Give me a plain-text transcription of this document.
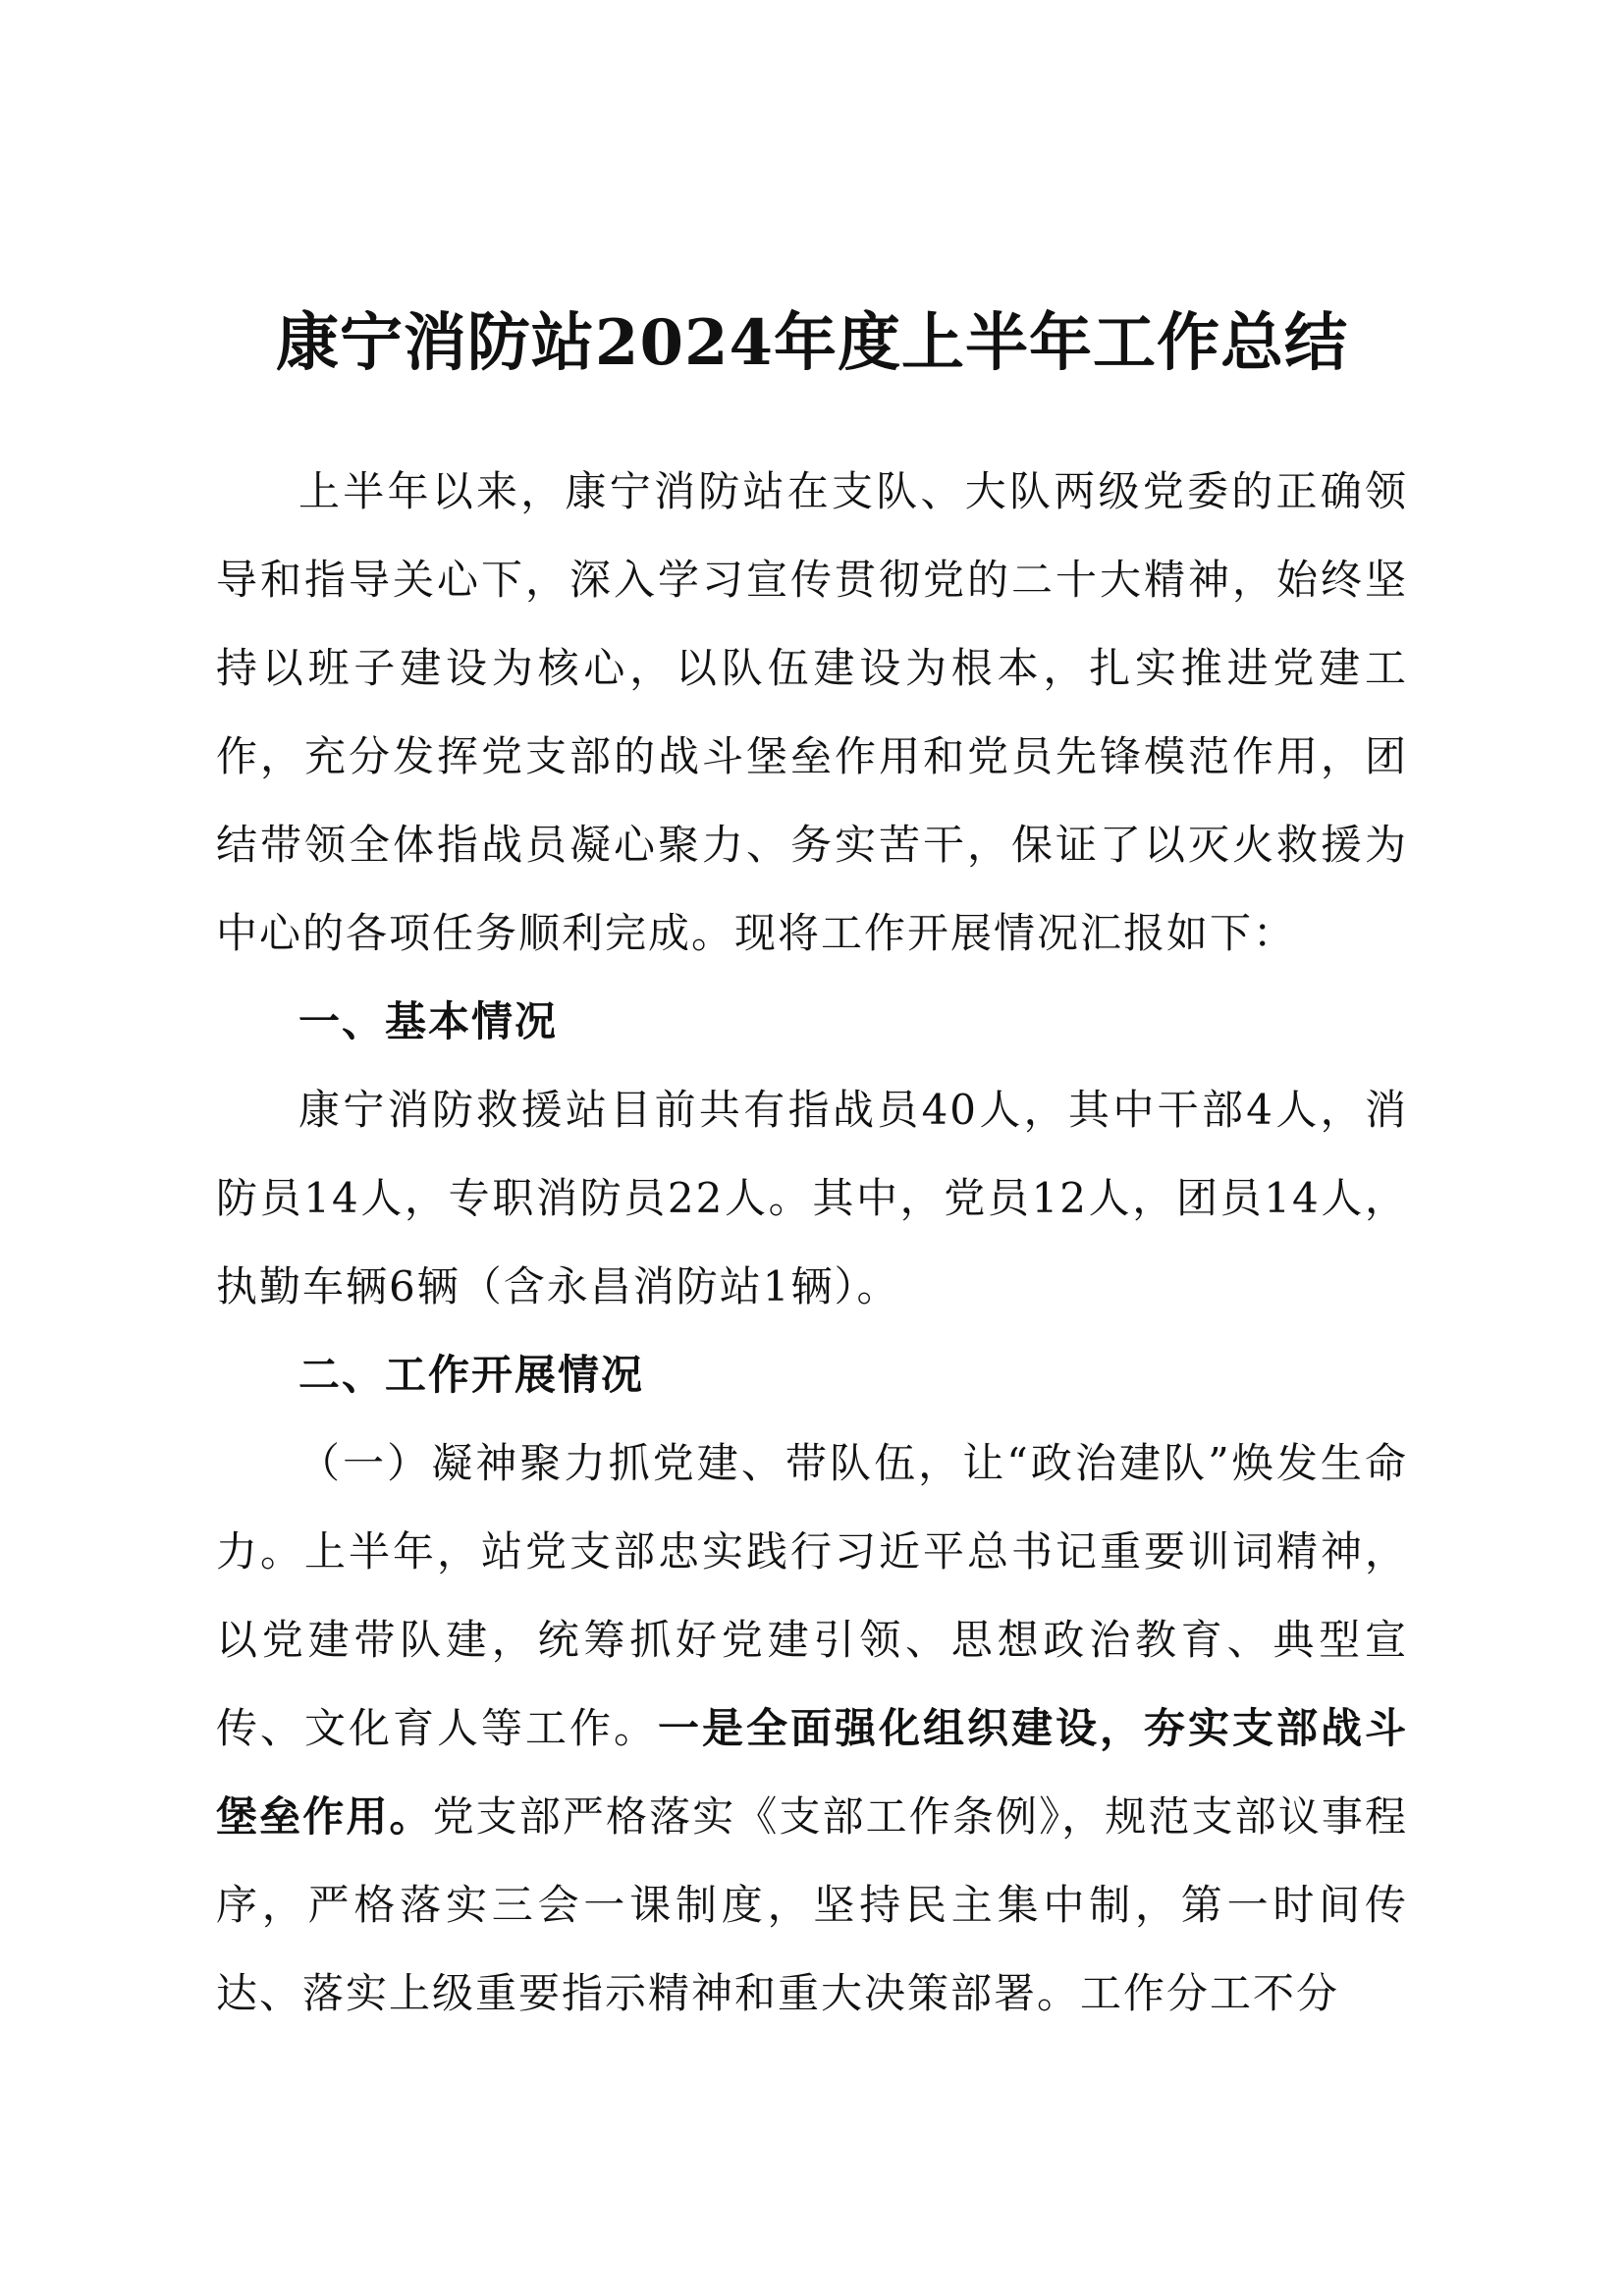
康宁消防站2024年度上半年工作总结

上半年以来，康宁消防站在支队、大队两级党委的正确领导和指导关心下，深入学习宣传贯彻党的二十大精神，始终坚持以班子建设为核心，以队伍建设为根本，扎实推进党建工作，充分发挥党支部的战斗堡垒作用和党员先锋模范作用，团结带领全体指战员凝心聚力、务实苦干，保证了以灭火救援为中心的各项任务顺利完成。现将工作开展情况汇报如下：

一、基本情况

康宁消防救援站目前共有指战员40人，其中干部4人，消防员14人，专职消防员22人。其中，党员12人，团员14人，执勤车辆6辆（含永昌消防站1辆）。

二、工作开展情况

（一）凝神聚力抓党建、带队伍，让“政治建队”焕发生命力。上半年，站党支部忠实践行习近平总书记重要训词精神，以党建带队建，统筹抓好党建引领、思想政治教育、典型宣传、文化育人等工作。一是全面强化组织建设，夯实支部战斗堡垒作用。党支部严格落实《支部工作条例》，规范支部议事程序，严格落实三会一课制度，坚持民主集中制，第一时间传达、落实上级重要指示精神和重大决策部署。工作分工不分
